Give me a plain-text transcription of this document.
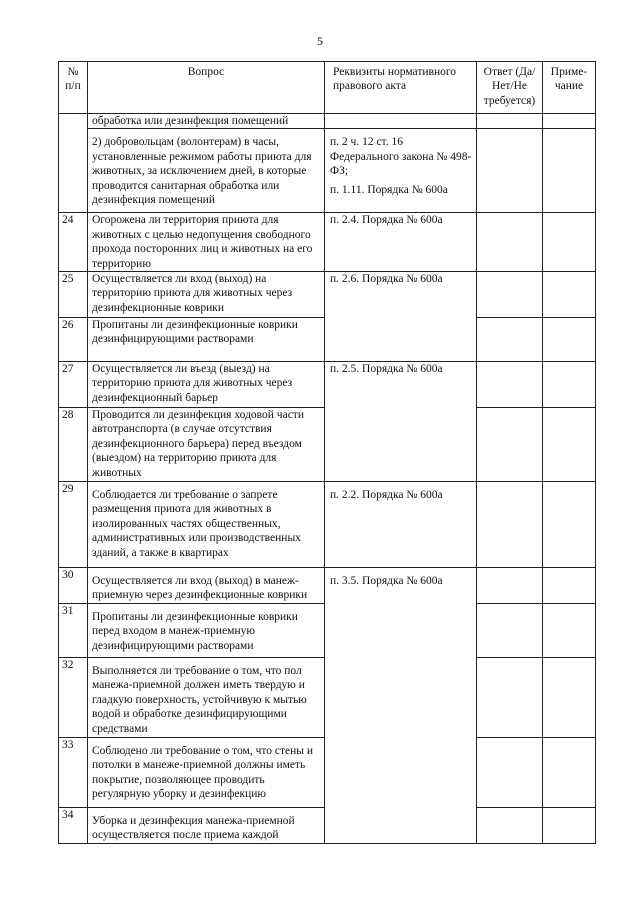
5
№ п/п	Вопрос	Реквизиты нормативного правового акта	Ответ (Да/ Нет/Не требуется)	Приме-чание
	обработка или дезинфекция помещений			

2) добровольцам (волонтерам) в часы, установленные режимом работы приюта для животных, за исключением дней, в которые проводится санитарная обработка или дезинфекция помещений	п. 2 ч. 12 ст. 16 Федерального закона № 498-ФЗ;
п. 1.11. Порядка № 600а		

24	Огорожена ли территория приюта для животных с целью недопущения свободного прохода посторонних лиц и животных на его территорию	п. 2.4. Порядка № 600а		
25	Осуществляется ли вход (выход) на территорию приюта для животных через дезинфекционные коврики	п. 2.6. Порядка № 600а		
26	Пропитаны ли дезинфекционные коврики дезинфицирующими растворами			
27	Осуществляется ли въезд (выезд) на территорию приюта для животных через дезинфекционный барьер	п. 2.5. Порядка № 600а		
28	Проводится ли дезинфекция ходовой части автотранспорта (в случае отсутствия дезинфекционного барьера) перед въездом (выездом) на территорию приюта для животных			
29	Соблюдается ли требование о запрете размещения приюта для животных в изолированных частях общественных, административных или производственных зданий, а также в квартирах	п. 2.2. Порядка № 600а		
30	Осуществляется ли вход (выход) в манеж-приемную через дезинфекционные коврики	п. 3.5. Порядка № 600а		
31	Пропитаны ли дезинфекционные коврики перед входом в манеж-приемную дезинфицирующими растворами			
32	Выполняется ли требование о том, что пол манежа-приемной должен иметь твердую и гладкую поверхность, устойчивую к мытью водой и обработке дезинфицирующими средствами			
33	Соблюдено ли требование о том, что стены и потолки в манеже-приемной должны иметь покрытие, позволяющее проводить регулярную уборку и дезинфекцию			
34	Уборка и дезинфекция манежа-приемной осуществляется после приема каждой			
